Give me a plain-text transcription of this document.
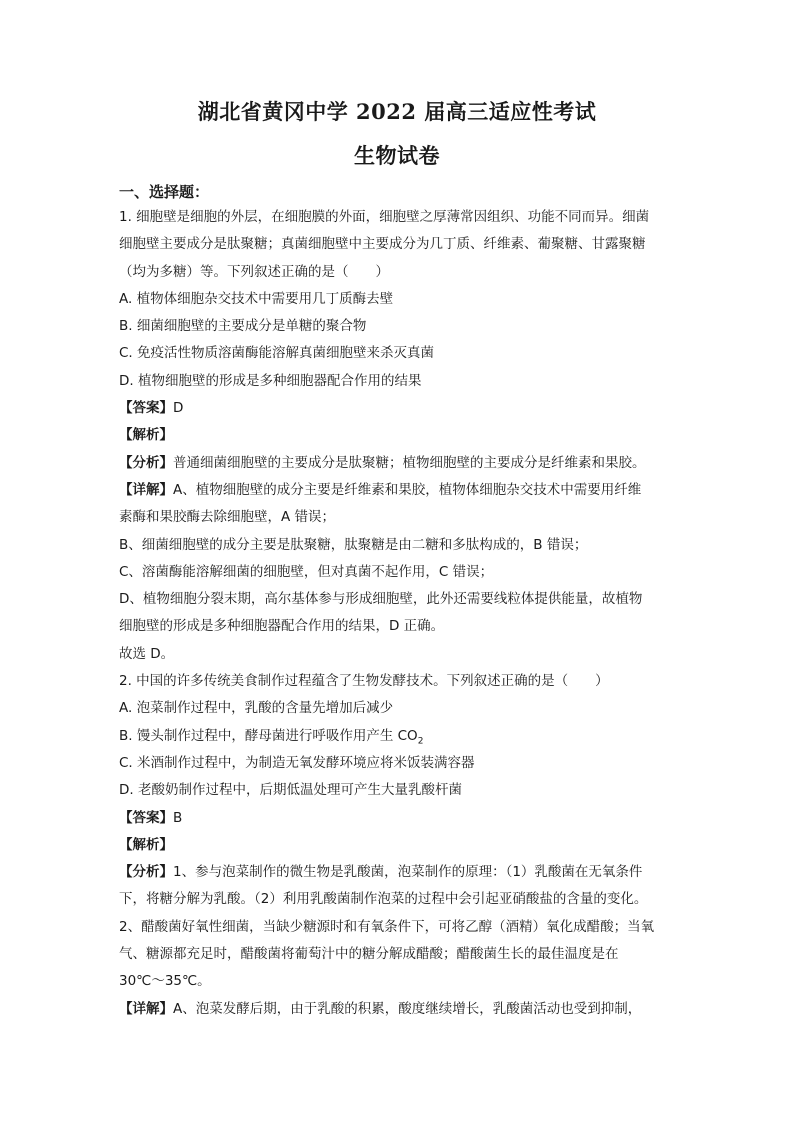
湖北省黄冈中学 2022 届高三适应性考试
生物试卷
一、选择题：
1. 细胞壁是细胞的外层，在细胞膜的外面，细胞壁之厚薄常因组织、功能不同而异。细菌
细胞壁主要成分是肽聚糖；真菌细胞壁中主要成分为几丁质、纤维素、葡聚糖、甘露聚糖
（均为多糖）等。下列叙述正确的是（　　）
A. 植物体细胞杂交技术中需要用几丁质酶去壁
B. 细菌细胞壁的主要成分是单糖的聚合物
C. 免疫活性物质溶菌酶能溶解真菌细胞壁来杀灭真菌
D. 植物细胞壁的形成是多种细胞器配合作用的结果
【答案】D
【解析】
【分析】普通细菌细胞壁的主要成分是肽聚糖；植物细胞壁的主要成分是纤维素和果胶。
【详解】A、植物细胞壁的成分主要是纤维素和果胶，植物体细胞杂交技术中需要用纤维
素酶和果胶酶去除细胞壁，A 错误；
B、细菌细胞壁的成分主要是肽聚糖，肽聚糖是由二糖和多肽构成的，B 错误；
C、溶菌酶能溶解细菌的细胞壁，但对真菌不起作用，C 错误；
D、植物细胞分裂末期，高尔基体参与形成细胞壁，此外还需要线粒体提供能量，故植物
细胞壁的形成是多种细胞器配合作用的结果，D 正确。
故选 D。
2. 中国的许多传统美食制作过程蕴含了生物发酵技术。下列叙述正确的是（　　）
A. 泡菜制作过程中，乳酸的含量先增加后减少
B. 馒头制作过程中，酵母菌进行呼吸作用产生 $CO_2$
C. 米酒制作过程中，为制造无氧发酵环境应将米饭装满容器
D. 老酸奶制作过程中，后期低温处理可产生大量乳酸杆菌
【答案】B
【解析】
【分析】1、参与泡菜制作的微生物是乳酸菌，泡菜制作的原理：（1）乳酸菌在无氧条件
下，将糖分解为乳酸。（2）利用乳酸菌制作泡菜的过程中会引起亚硝酸盐的含量的变化。
2、醋酸菌好氧性细菌，当缺少糖源时和有氧条件下，可将乙醇（酒精）氧化成醋酸；当氧
气、糖源都充足时，醋酸菌将葡萄汁中的糖分解成醋酸；醋酸菌生长的最佳温度是在
30℃～35℃。
【详解】A、泡菜发酵后期，由于乳酸的积累，酸度继续增长，乳酸菌活动也受到抑制，
